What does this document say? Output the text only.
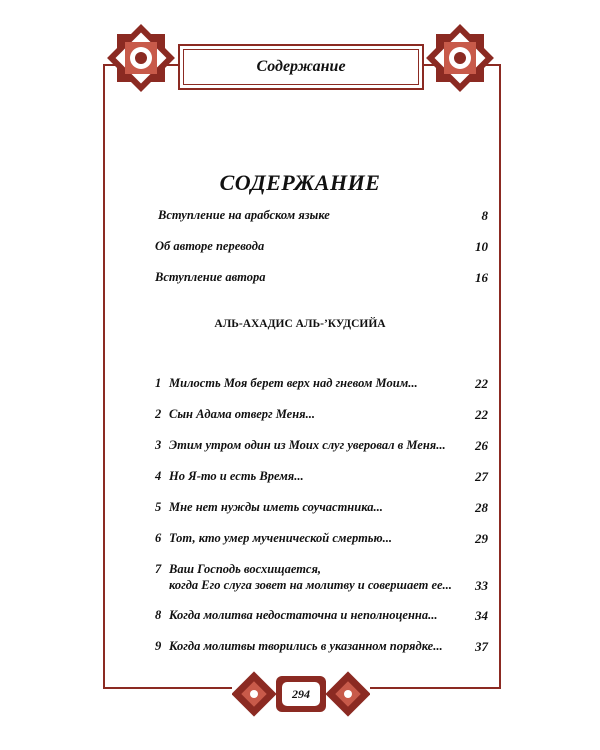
Содержание
СОДЕРЖАНИЕ
Вступление на арабском языке	8
Об авторе перевода	10
Вступление автора	16
АЛЬ-АХАДИС АЛЬ-’КУДСИЙА
1 Милость Моя берет верх над гневом Моим...	22
2 Сын Адама отверг Меня...	22
3 Этим утром один из Моих слуг уверовал в Меня...	26
4 Но Я-то и есть Время...	27
5 Мне нет нужды иметь соучастника...	28
6 Тот, кто умер мученической смертью...	29
7 Ваш Господь восхищается,
когда Его слуга зовет на молитву и совершает ее...	33
8 Когда молитва недостаточна и неполноценна...	34
9 Когда молитвы творились в указанном порядке...	37
294
